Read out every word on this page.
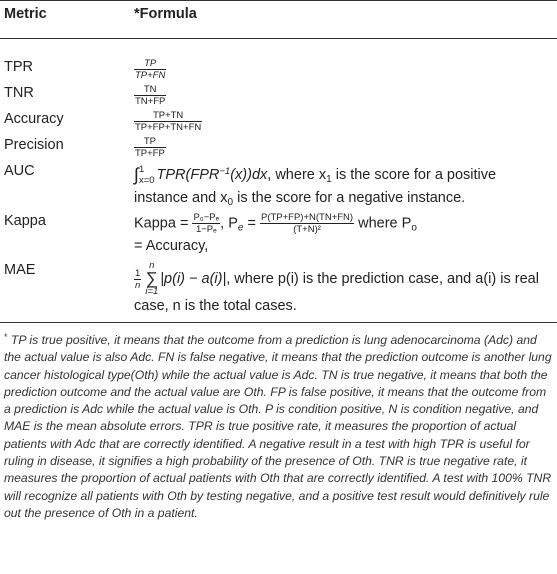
Metric	*Formula
TPR	$\frac{TP}{TP+FN}$
TNR	$\frac{TN}{TN+FP}$
Accuracy	$\frac{TP+TN}{TP+FP+TN+FN}$
Precision	$\frac{TP}{TP+FP}$
AUC	∫ 1
x=0 $TPR(FPR^{-1}(x))dx$, where $x_1$ is the score for a positive instance and $x_0$ is the score for a negative instance.
Kappa	Kappa = $\frac{\text{P₀−Pₑ}}{\text{1−Pₑ}}$ , $P_e = \frac{P(TP+FP)+N(TN+FN)}{\text{(T+N)²}}$ where $P_o$
= Accuracy,
MAE	$\frac{1}{n}$
n
∑
i=1|p(i) − a(i)|, where p(i) is the prediction case, and a(i) is real case, n is the total cases.
* TP is true positive, it means that the outcome from a prediction is lung adenocarcinoma (Adc) and the actual value is also Adc. FN is false negative, it means that the prediction outcome is another lung cancer histological type(Oth) while the actual value is Adc. TN is true negative, it means that both the prediction outcome and the actual value are Oth. FP is false positive, it means that the outcome from a prediction is Adc while the actual value is Oth. P is condition positive, N is condition negative, and MAE is the mean absolute errors. TPR is true positive rate, it measures the proportion of actual patients with Adc that are correctly identified. A negative result in a test with high TPR is useful for ruling in disease, it signifies a high probability of the presence of Oth. TNR is true negative rate, it measures the proportion of actual patients with Oth that are correctly identified. A test with 100% TNR will recognize all patients with Oth by testing negative, and a positive test result would definitively rule out the presence of Oth in a patient.
